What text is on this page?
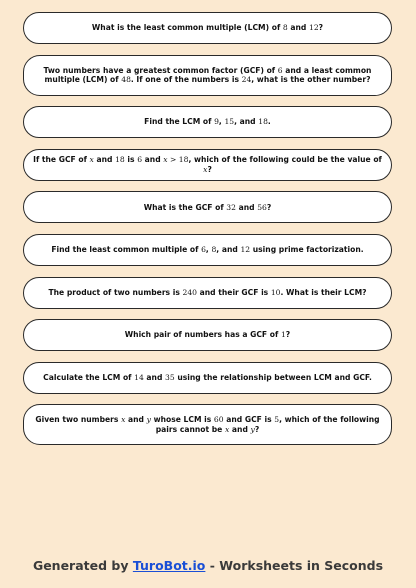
What is the least common multiple (LCM) of 8 and 12?
Two numbers have a greatest common factor (GCF) of 6 and a least common multiple (LCM) of 48. If one of the numbers is 24, what is the other number?
Find the LCM of 9, 15, and 18.
If the GCF of x and 18 is 6 and x > 18, which of the following could be the value of x?
What is the GCF of 32 and 56?
Find the least common multiple of 6, 8, and 12 using prime factorization.
The product of two numbers is 240 and their GCF is 10. What is their LCM?
Which pair of numbers has a GCF of 1?
Calculate the LCM of 14 and 35 using the relationship between LCM and GCF.
Given two numbers x and y whose LCM is 60 and GCF is 5, which of the following pairs cannot be x and y?
Generated by TuroBot.io - Worksheets in Seconds
